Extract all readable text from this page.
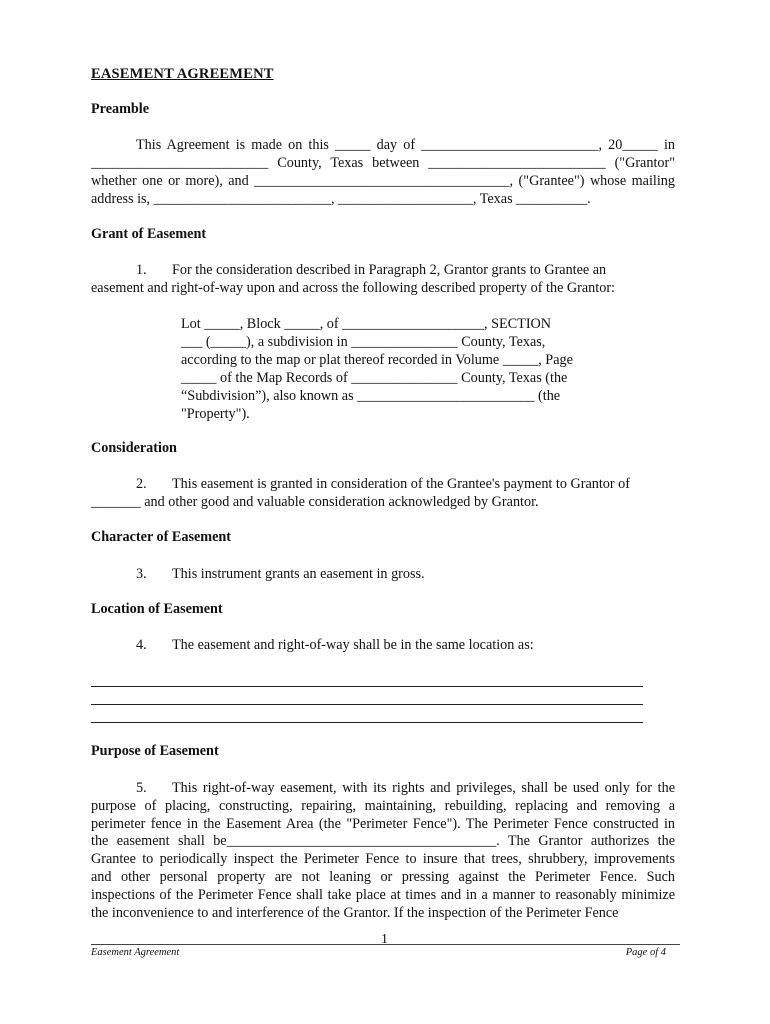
EASEMENT AGREEMENT
Preamble
This Agreement is made on this _____ day of _________________________, 20_____ in
_________________________ County, Texas between _________________________ ("Grantor"
whether one or more), and ____________________________________, ("Grantee") whose mailing
address is, _________________________, ___________________, Texas __________.
Grant of Easement
1. For the consideration described in Paragraph 2, Grantor grants to Grantee an
easement and right-of-way upon and across the following described property of the Grantor:
Lot _____, Block _____, of ____________________, SECTION
___ (_____), a subdivision in _______________ County, Texas,
according to the map or plat thereof recorded in Volume _____, Page
_____ of the Map Records of _______________ County, Texas (the
“Subdivision”), also known as _________________________ (the
"Property").
Consideration
2. This easement is granted in consideration of the Grantee's payment to Grantor of
_______ and other good and valuable consideration acknowledged by Grantor.
Character of Easement
3. This instrument grants an easement in gross.
Location of Easement
4. The easement and right-of-way shall be in the same location as:
Purpose of Easement
5. This right-of-way easement, with its rights and privileges, shall be used only for the
purpose of placing, constructing, repairing, maintaining, rebuilding, replacing and removing a
perimeter fence in the Easement Area (the "Perimeter Fence"). The Perimeter Fence constructed in
the easement shall be______________________________________. The Grantor authorizes the
Grantee to periodically inspect the Perimeter Fence to insure that trees, shrubbery, improvements
and other personal property are not leaning or pressing against the Perimeter Fence. Such
inspections of the Perimeter Fence shall take place at times and in a manner to reasonably minimize
the inconvenience to and interference of the Grantor. If the inspection of the Perimeter Fence
1
Easement Agreement	Page of 4
